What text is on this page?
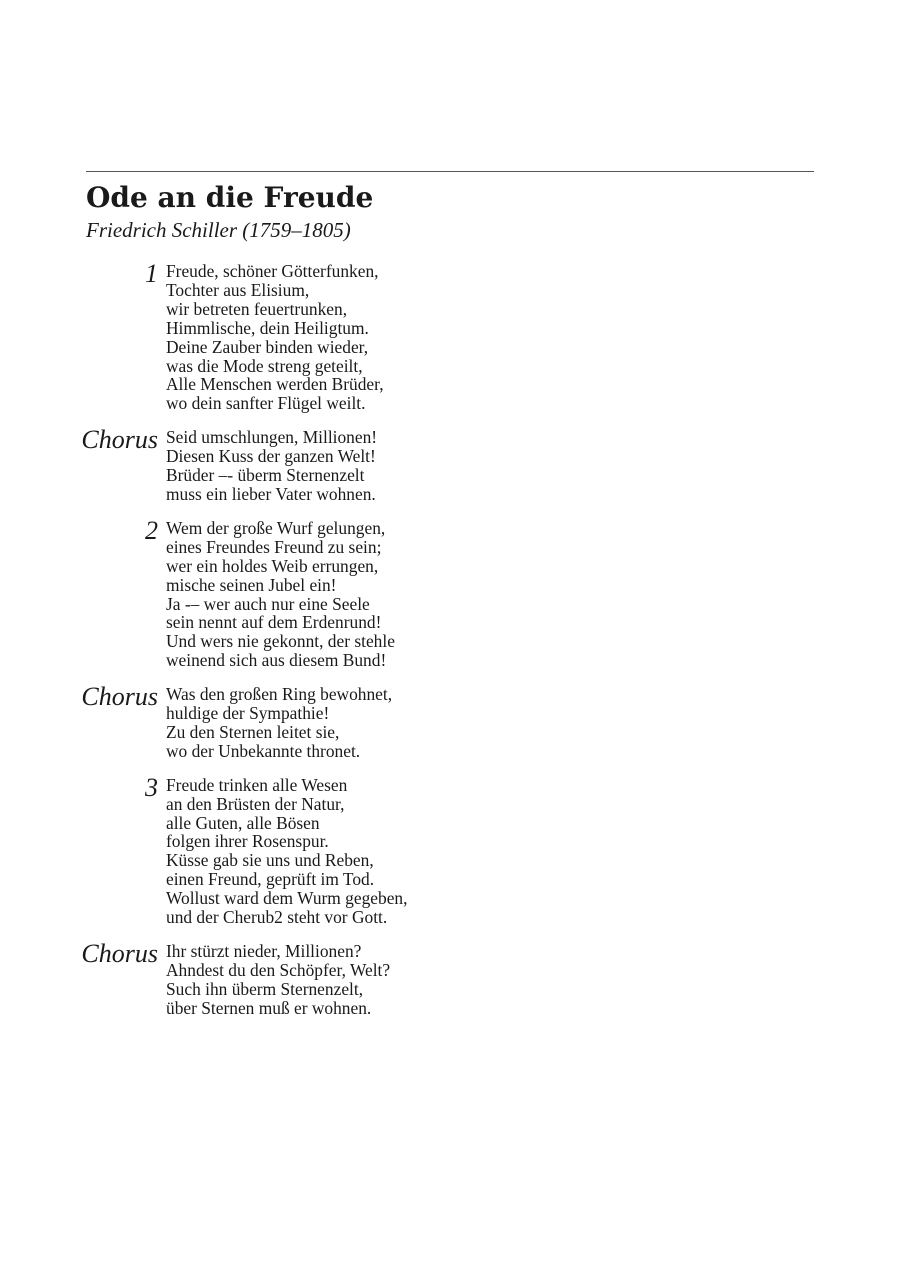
Ode an die Freude
Friedrich Schiller (1759–1805)
1 Freude, schöner Götterfunken,
Tochter aus Elisium,
wir betreten feuertrunken,
Himmlische, dein Heiligtum.
Deine Zauber binden wieder,
was die Mode streng geteilt,
Alle Menschen werden Brüder,
wo dein sanfter Flügel weilt.
Chorus Seid umschlungen, Millionen!
Diesen Kuss der ganzen Welt!
Brüder –- überm Sternenzelt
muss ein lieber Vater wohnen.
2 Wem der große Wurf gelungen,
eines Freundes Freund zu sein;
wer ein holdes Weib errungen,
mische seinen Jubel ein!
Ja -– wer auch nur eine Seele
sein nennt auf dem Erdenrund!
Und wers nie gekonnt, der stehle
weinend sich aus diesem Bund!
Chorus Was den großen Ring bewohnet,
huldige der Sympathie!
Zu den Sternen leitet sie,
wo der Unbekannte thronet.
3 Freude trinken alle Wesen
an den Brüsten der Natur,
alle Guten, alle Bösen
folgen ihrer Rosenspur.
Küsse gab sie uns und Reben,
einen Freund, geprüft im Tod.
Wollust ward dem Wurm gegeben,
und der Cherub2 steht vor Gott.
Chorus Ihr stürzt nieder, Millionen?
Ahndest du den Schöpfer, Welt?
Such ihn überm Sternenzelt,
über Sternen muß er wohnen.
